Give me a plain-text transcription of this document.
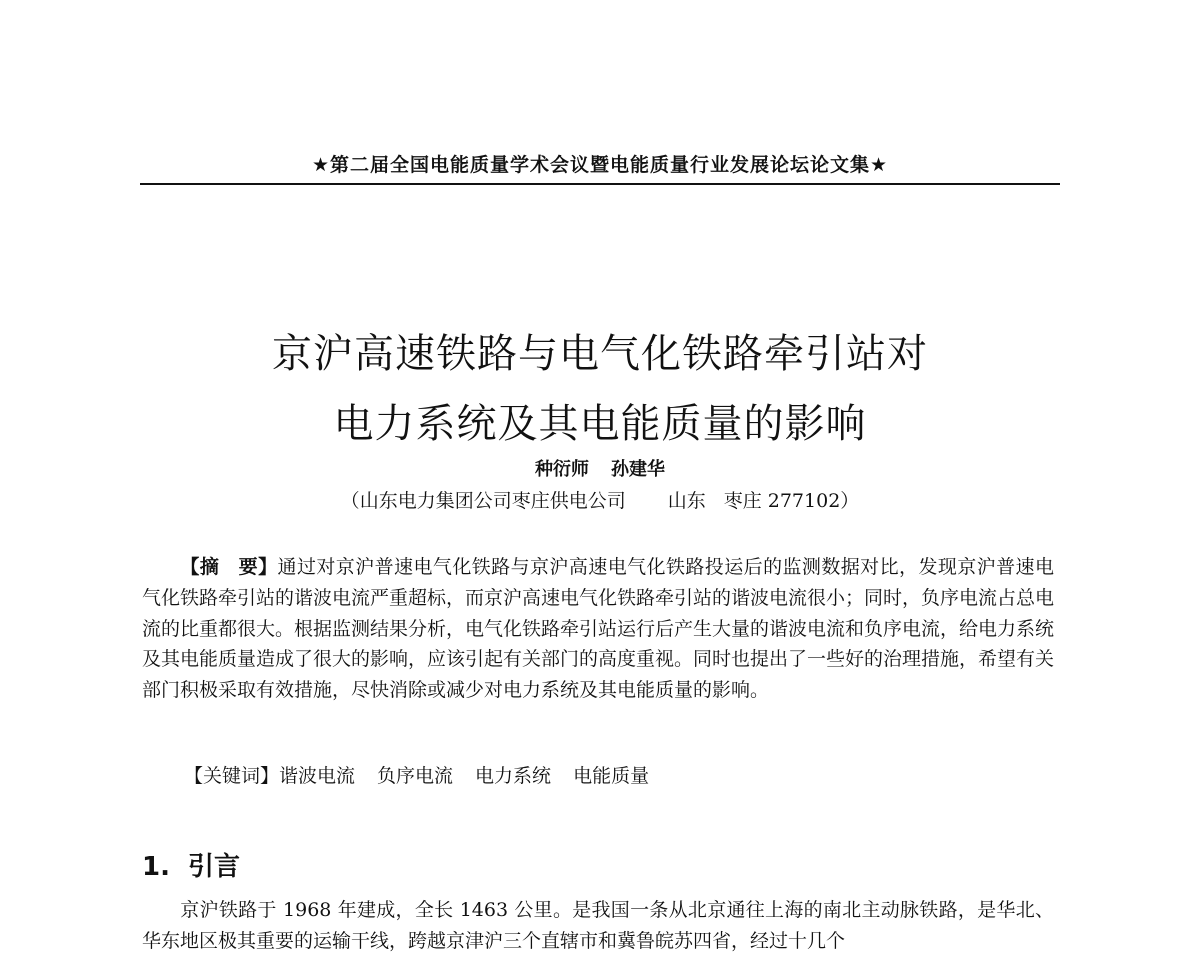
★第二届全国电能质量学术会议暨电能质量行业发展论坛论文集★
京沪高速铁路与电气化铁路牵引站对
电力系统及其电能质量的影响
种衍师 孙建华
（山东电力集团公司枣庄供电公司 山东 枣庄 277102）
【摘　要】通过对京沪普速电气化铁路与京沪高速电气化铁路投运后的监测数据对比，发现京沪普速电气化铁路牵引站的谐波电流严重超标，而京沪高速电气化铁路牵引站的谐波电流很小；同时，负序电流占总电流的比重都很大。根据监测结果分析，电气化铁路牵引站运行后产生大量的谐波电流和负序电流，给电力系统及其电能质量造成了很大的影响，应该引起有关部门的高度重视。同时也提出了一些好的治理措施，希望有关部门积极采取有效措施，尽快消除或减少对电力系统及其电能质量的影响。
【关键词】谐波电流 负序电流 电力系统 电能质量
1. 引言
京沪铁路于 1968 年建成，全长 1463 公里。是我国一条从北京通往上海的南北主动脉铁路，是华北、华东地区极其重要的运输干线，跨越京津沪三个直辖市和冀鲁皖苏四省，经过十几个
